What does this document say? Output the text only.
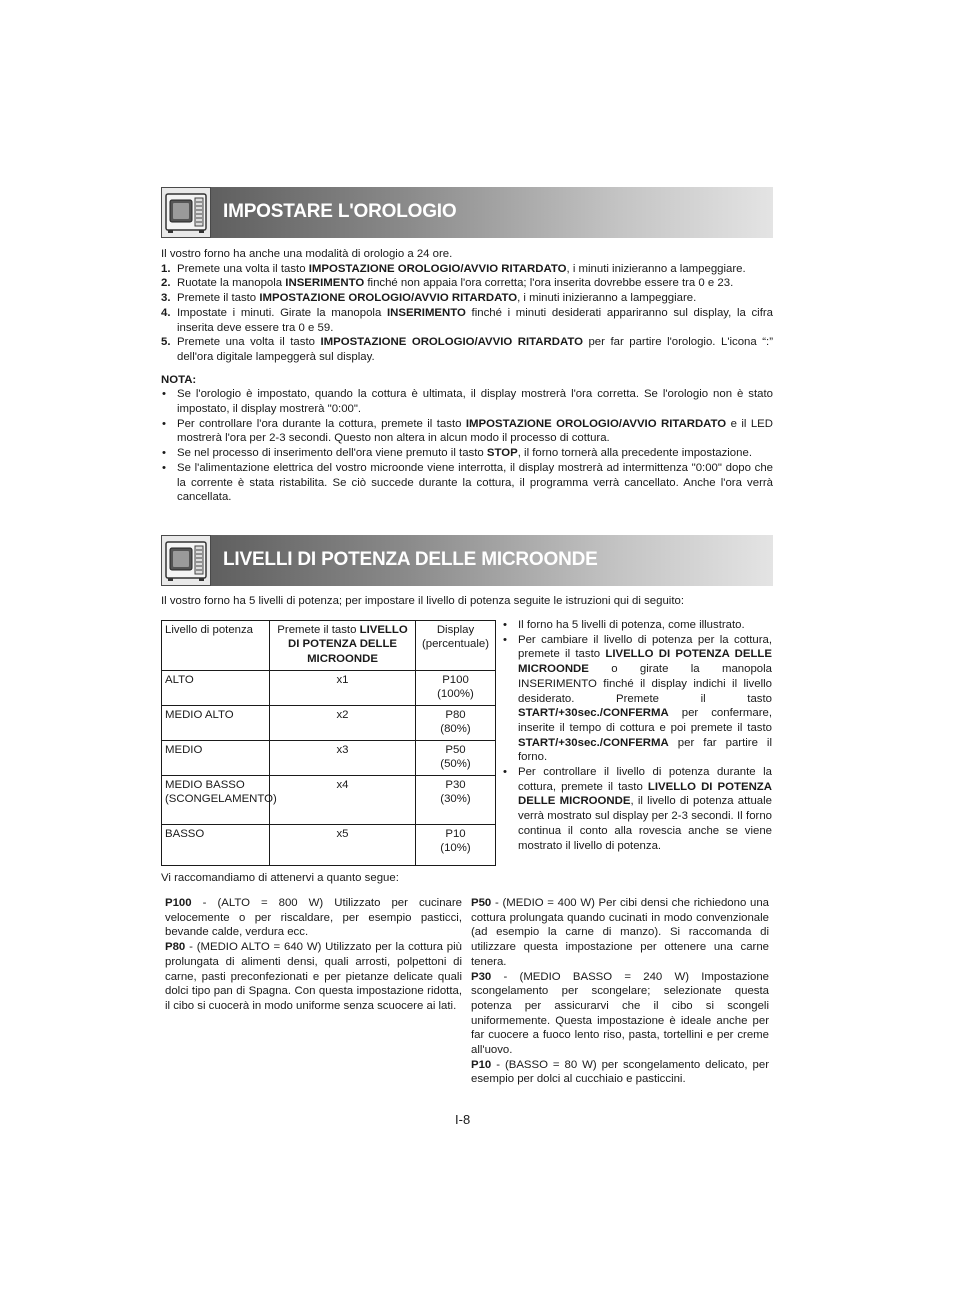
IMPOSTARE L'OROLOGIO

Il vostro forno ha anche una modalità di orologio a 24 ore.

1. Premete una volta il tasto IMPOSTAZIONE OROLOGIO/AVVIO RITARDATO, i minuti inizieranno a lampeggiare.
2. Ruotate la manopola INSERIMENTO finché non appaia l'ora corretta; l'ora inserita dovrebbe essere tra 0 e 23.
3. Premete il tasto IMPOSTAZIONE OROLOGIO/AVVIO RITARDATO, i minuti inizieranno a lampeggiare.
4. Impostate i minuti. Girate la manopola INSERIMENTO finché i minuti desiderati appariranno sul display, la cifra inserita deve essere tra 0 e 59.
5. Premete una volta il tasto IMPOSTAZIONE OROLOGIO/AVVIO RITARDATO per far partire l'orologio. L'icona “:” dell'ora digitale lampeggerà sul display.

NOTA:

• Se l'orologio è impostato, quando la cottura è ultimata, il display mostrerà l'ora corretta. Se l'orologio non è stato impostato, il display mostrerà "0:00".
• Per controllare l'ora durante la cottura, premete il tasto IMPOSTAZIONE OROLOGIO/AVVIO RITARDATO e il LED mostrerà l'ora per 2-3 secondi. Questo non altera in alcun modo il processo di cottura.
• Se nel processo di inserimento dell'ora viene premuto il tasto STOP, il forno tornerà alla precedente impostazione.
• Se l'alimentazione elettrica del vostro microonde viene interrotta, il display mostrerà ad intermittenza "0:00" dopo che la corrente è stata ristabilita. Se ciò succede durante la cottura, il programma verrà cancellato. Anche l'ora verrà cancellata.
LIVELLI DI POTENZA DELLE MICROONDE
Il vostro forno ha 5 livelli di potenza; per impostare il livello di potenza seguite le istruzioni qui di seguito:
Livello di potenza	Premete il tasto LIVELLO DI POTENZA DELLE MICROONDE	Display (percentuale)
ALTO	x1	P100
(100%)

MEDIO ALTO	x2	P80
(80%)

MEDIO	x3	P50
(50%)

MEDIO BASSO (SCONGELAMENTO)	x4	P30
(30%)

BASSO	x5	P10
(10%)
• Il forno ha 5 livelli di potenza, come illustrato.
• Per cambiare il livello di potenza per la cottura, premete il tasto LIVELLO DI POTENZA DELLE MICROONDE o girate la manopola INSERIMENTO finché il display indichi il livello desiderato. Premete il tasto START/+30sec./CONFERMA per confermare, inserite il tempo di cottura e poi premete il tasto START/+30sec./CONFERMA per far partire il forno.
• Per controllare il livello di potenza durante la cottura, premete il tasto LIVELLO DI POTENZA DELLE MICROONDE, il livello di potenza attuale verrà mostrato sul display per 2-3 secondi. Il forno continua il conto alla rovescia anche se viene mostrato il livello di potenza.
Vi raccomandiamo di attenervi a quanto segue:

P100 - (ALTO = 800 W) Utilizzato per cucinare velocemente o per riscaldare, per esempio pasticci, bevande calde, verdura ecc.

P80 - (MEDIO ALTO = 640 W) Utilizzato per la cottura più prolungata di alimenti densi, quali arrosti, polpettoni di carne, pasti preconfezionati e per pietanze delicate quali dolci tipo pan di Spagna. Con questa impostazione ridotta, il cibo si cuocerà in modo uniforme senza scuocere ai lati.

P50 - (MEDIO = 400 W) Per cibi densi che richiedono una cottura prolungata quando cucinati in modo convenzionale (ad esempio la carne di manzo). Si raccomanda di utilizzare questa impostazione per ottenere una carne tenera.

P30 - (MEDIO BASSO = 240 W) Impostazione scongelamento per scongelare; selezionate questa potenza per assicurarvi che il cibo si scongeli uniformemente. Questa impostazione è ideale anche per far cuocere a fuoco lento riso, pasta, tortellini e per creme all'uovo.

P10 - (BASSO = 80 W) per scongelamento delicato, per esempio per dolci al cucchiaio e pasticcini.

I-8
